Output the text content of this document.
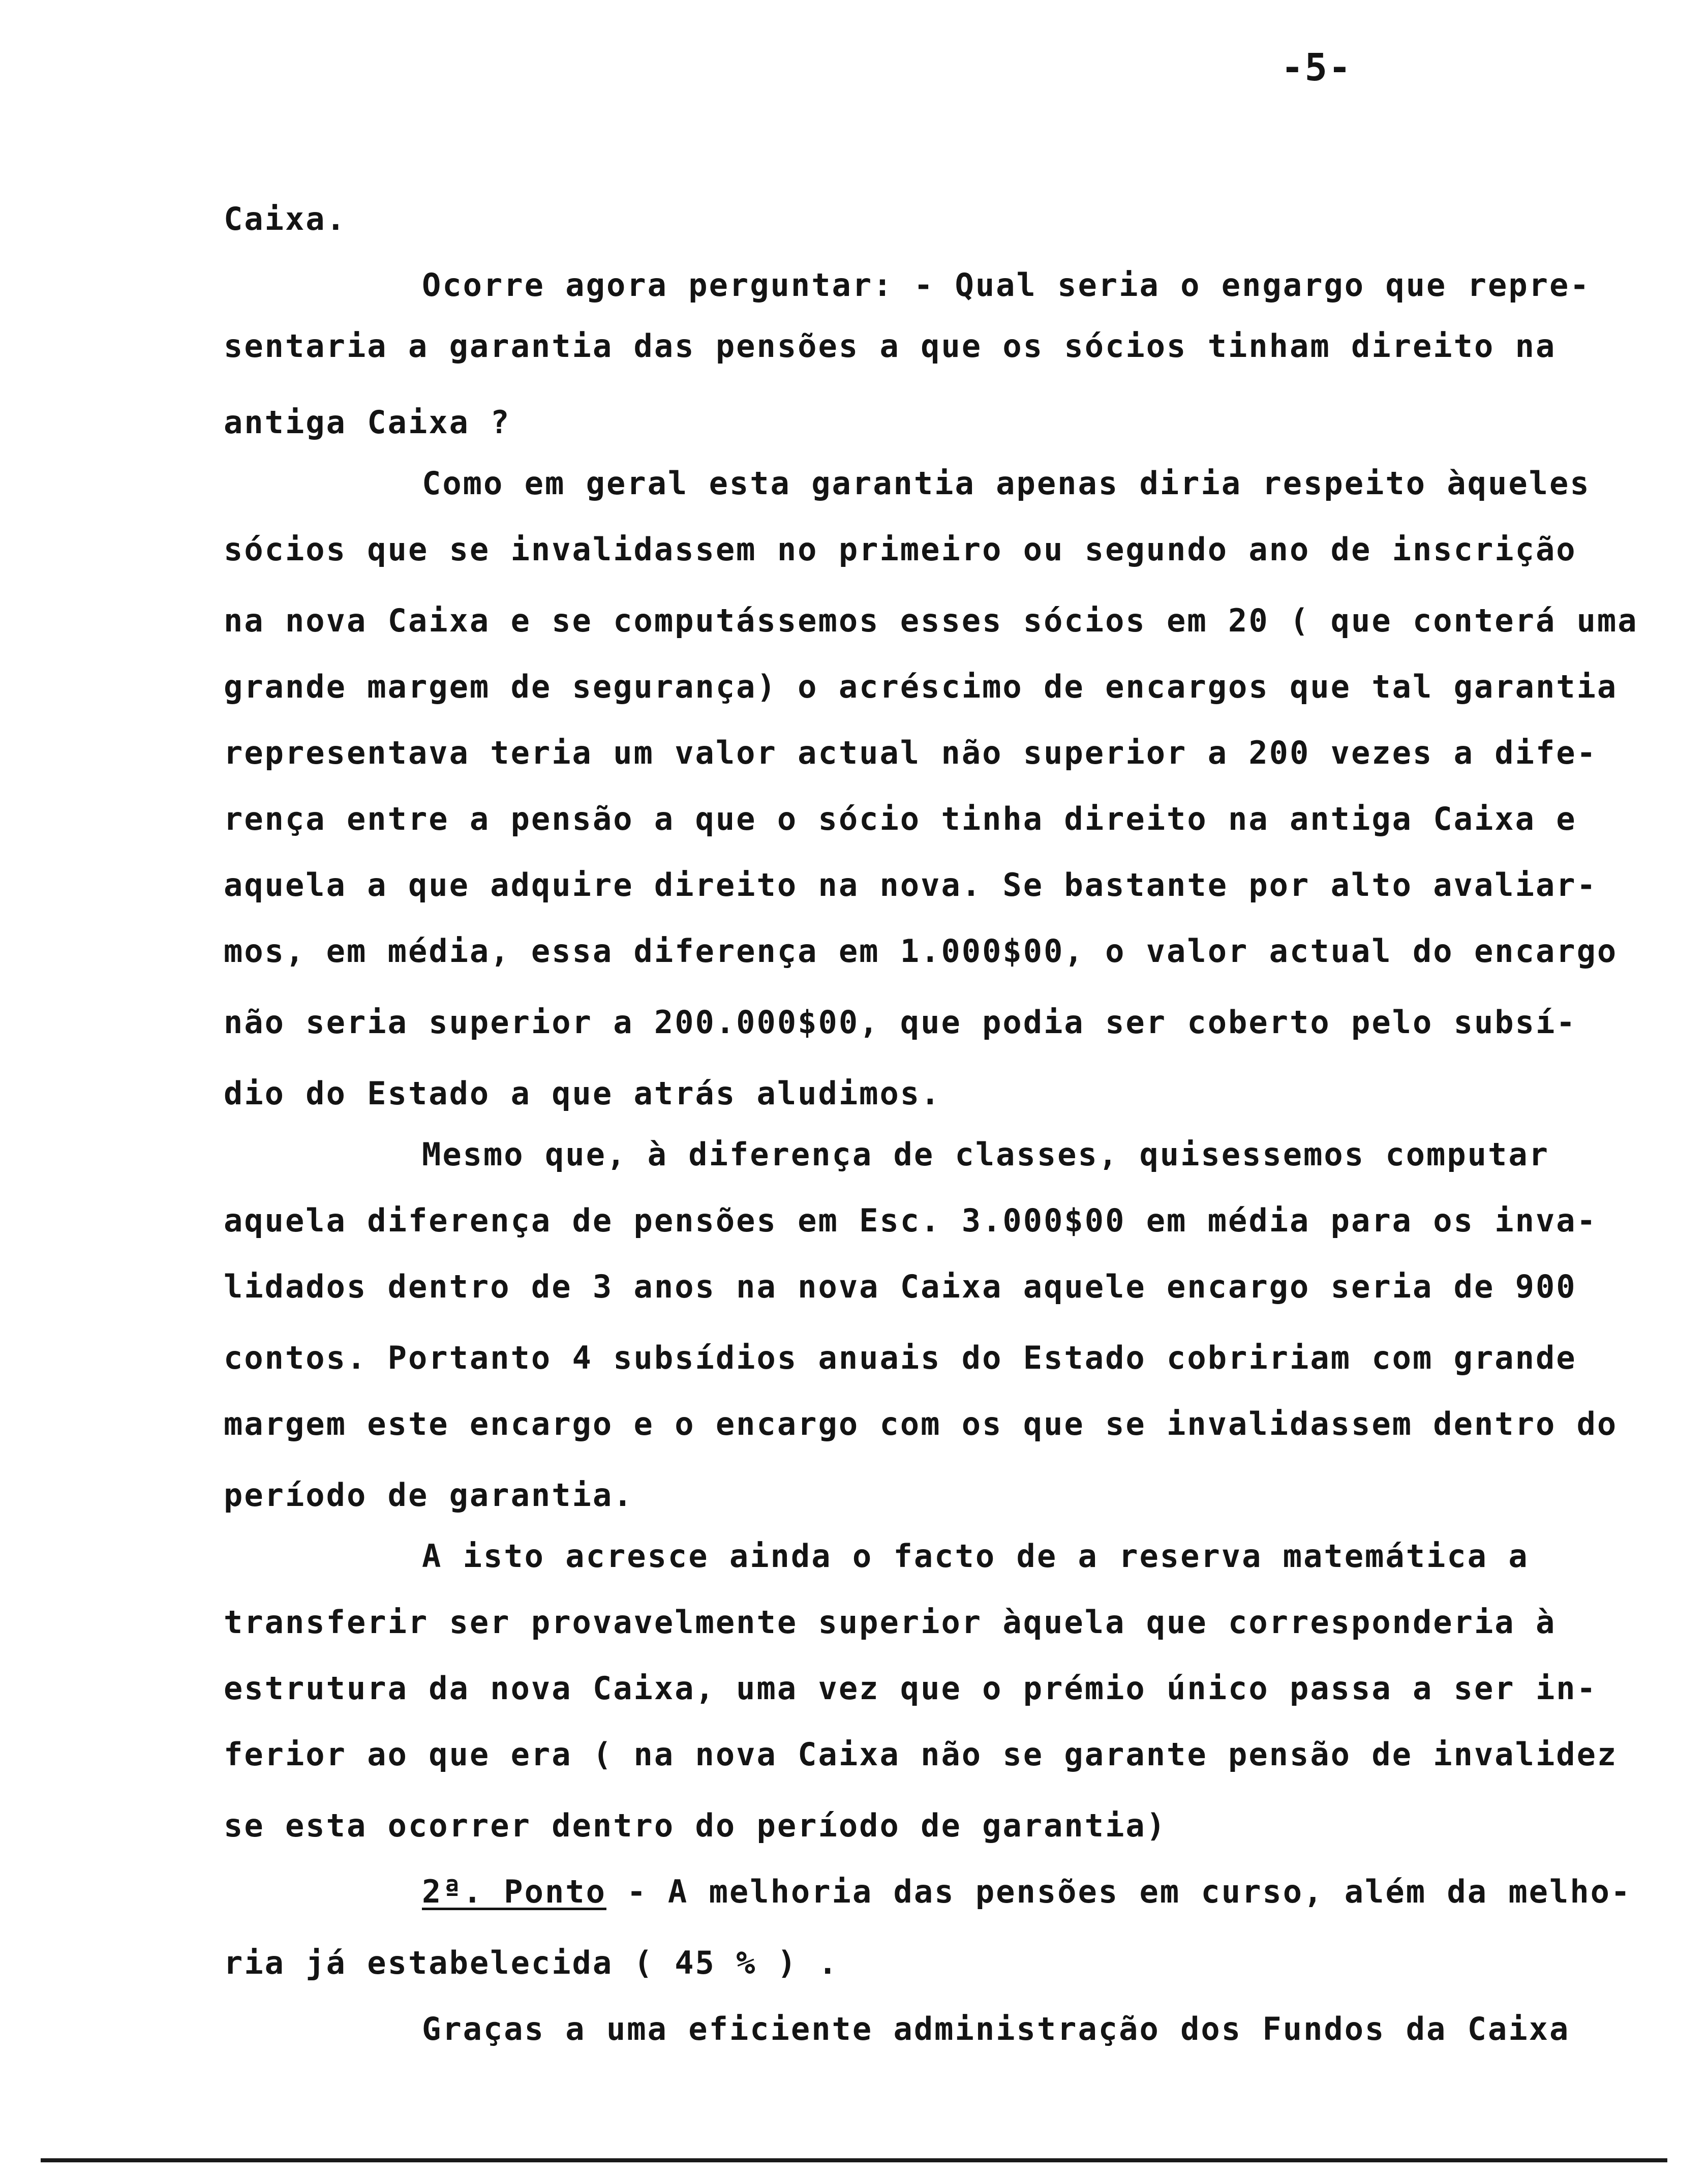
-5-
Caixa.
Ocorre agora perguntar: - Qual seria o engargo que repre-
sentaria a garantia das pensões a que os sócios tinham direito na
antiga Caixa ?
Como em geral esta garantia apenas diria respeito àqueles
sócios que se invalidassem no primeiro ou segundo ano de inscrição
na nova Caixa e se computássemos esses sócios em 20 ( que conterá uma
grande margem de segurança) o acréscimo de encargos que tal garantia
representava teria um valor actual não superior a 200 vezes a dife-
rença entre a pensão a que o sócio tinha direito na antiga Caixa e
aquela a que adquire direito na nova. Se bastante por alto avaliar-
mos, em média, essa diferença em 1.000$00, o valor actual do encargo
não seria superior a 200.000$00, que podia ser coberto pelo subsí-
dio do Estado a que atrás aludimos.
Mesmo que, à diferença de classes, quisessemos computar
aquela diferença de pensões em Esc. 3.000$00 em média para os inva-
lidados dentro de 3 anos na nova Caixa aquele encargo seria de 900
contos. Portanto 4 subsídios anuais do Estado cobririam com grande
margem este encargo e o encargo com os que se invalidassem dentro do
período de garantia.
A isto acresce ainda o facto de a reserva matemática a
transferir ser provavelmente superior àquela que corresponderia à
estrutura da nova Caixa, uma vez que o prémio único passa a ser in-
ferior ao que era ( na nova Caixa não se garante pensão de invalidez
se esta ocorrer dentro do período de garantia)
2ª. Ponto - A melhoria das pensões em curso, além da melho-
ria já estabelecida ( 45 % ) .
Graças a uma eficiente administração dos Fundos da Caixa
